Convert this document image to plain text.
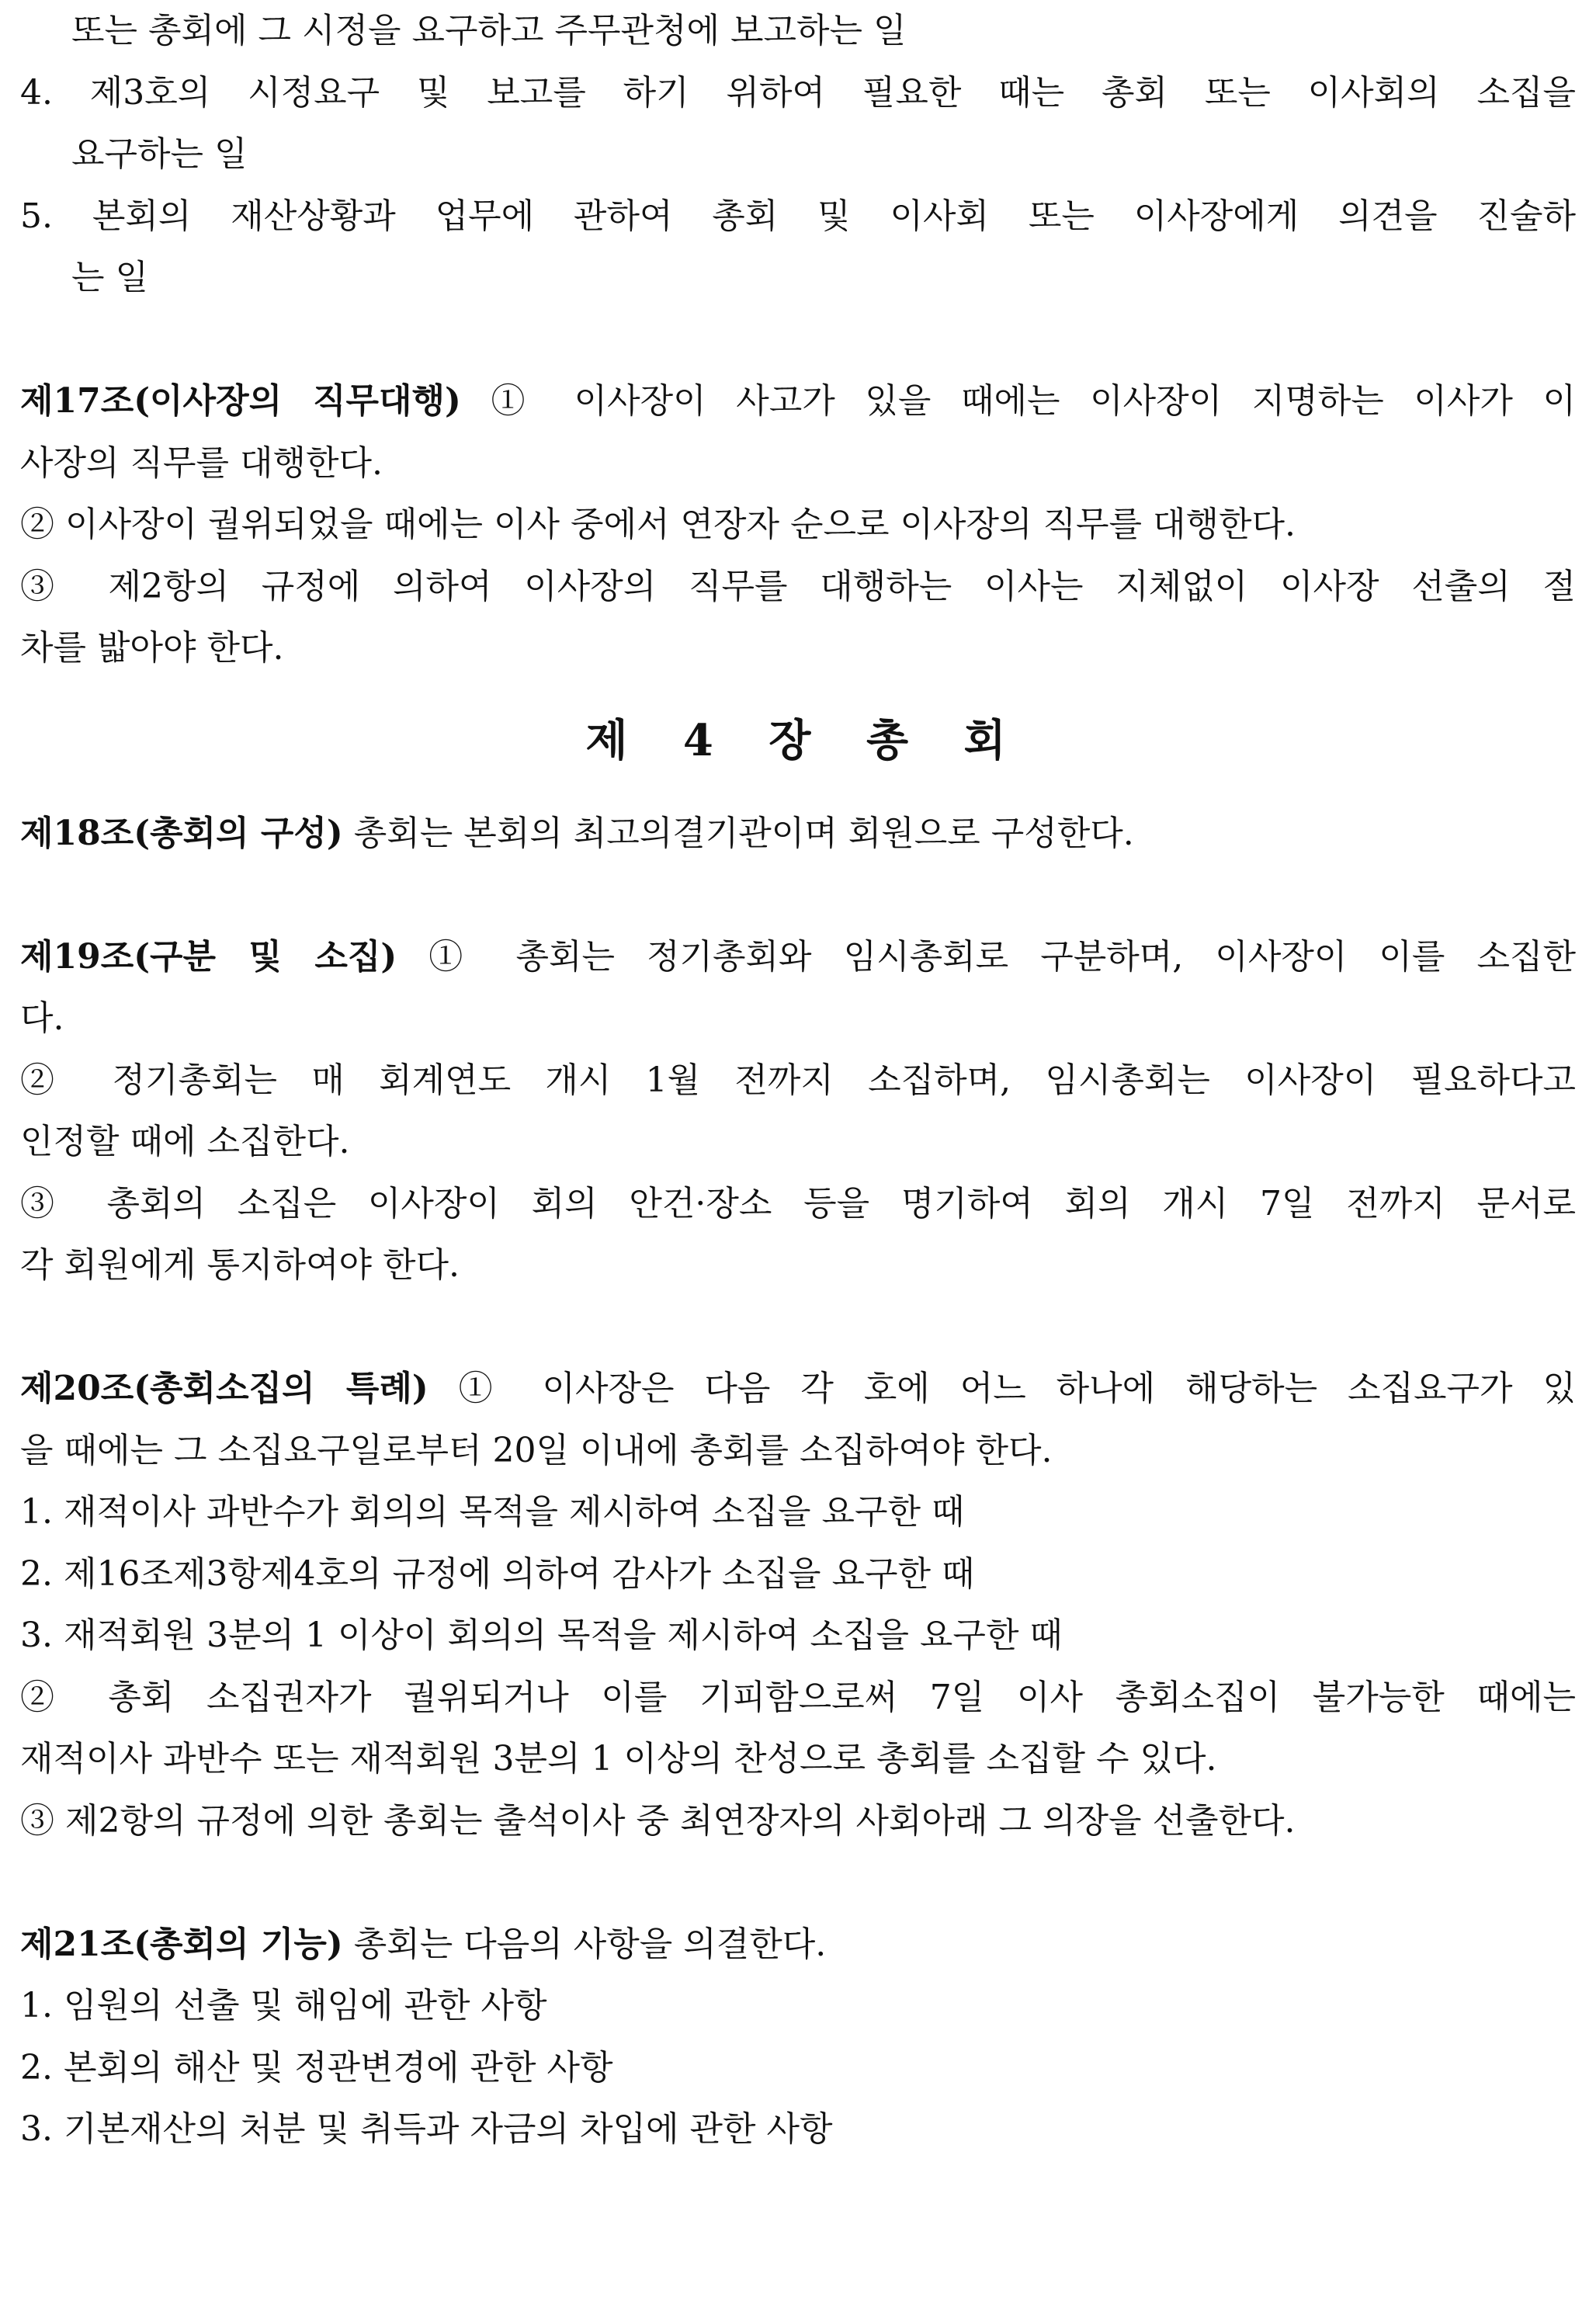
또는 총회에 그 시정을 요구하고 주무관청에 보고하는 일
4. 제3호의 시정요구 및 보고를 하기 위하여 필요한 때는 총회 또는 이사회의 소집을
요구하는 일
5. 본회의 재산상황과 업무에 관하여 총회 및 이사회 또는 이사장에게 의견을 진술하
는 일
제17조(이사장의 직무대행) ① 이사장이 사고가 있을 때에는 이사장이 지명하는 이사가 이
사장의 직무를 대행한다.
② 이사장이 궐위되었을 때에는 이사 중에서 연장자 순으로 이사장의 직무를 대행한다.
③ 제2항의 규정에 의하여 이사장의 직무를 대행하는 이사는 지체없이 이사장 선출의 절
차를 밟아야 한다.
제 4 장 총 회
제18조(총회의 구성) 총회는 본회의 최고의결기관이며 회원으로 구성한다.
제19조(구분 및 소집) ① 총회는 정기총회와 임시총회로 구분하며, 이사장이 이를 소집한
다.
② 정기총회는 매 회계연도 개시 1월 전까지 소집하며, 임시총회는 이사장이 필요하다고
인정할 때에 소집한다.
③ 총회의 소집은 이사장이 회의 안건·장소 등을 명기하여 회의 개시 7일 전까지 문서로
각 회원에게 통지하여야 한다.
제20조(총회소집의 특례) ① 이사장은 다음 각 호에 어느 하나에 해당하는 소집요구가 있
을 때에는 그 소집요구일로부터 20일 이내에 총회를 소집하여야 한다.
1. 재적이사 과반수가 회의의 목적을 제시하여 소집을 요구한 때
2. 제16조제3항제4호의 규정에 의하여 감사가 소집을 요구한 때
3. 재적회원 3분의 1 이상이 회의의 목적을 제시하여 소집을 요구한 때
② 총회 소집권자가 궐위되거나 이를 기피함으로써 7일 이사 총회소집이 불가능한 때에는
재적이사 과반수 또는 재적회원 3분의 1 이상의 찬성으로 총회를 소집할 수 있다.
③ 제2항의 규정에 의한 총회는 출석이사 중 최연장자의 사회아래 그 의장을 선출한다.
제21조(총회의 기능) 총회는 다음의 사항을 의결한다.
1. 임원의 선출 및 해임에 관한 사항
2. 본회의 해산 및 정관변경에 관한 사항
3. 기본재산의 처분 및 취득과 자금의 차입에 관한 사항
